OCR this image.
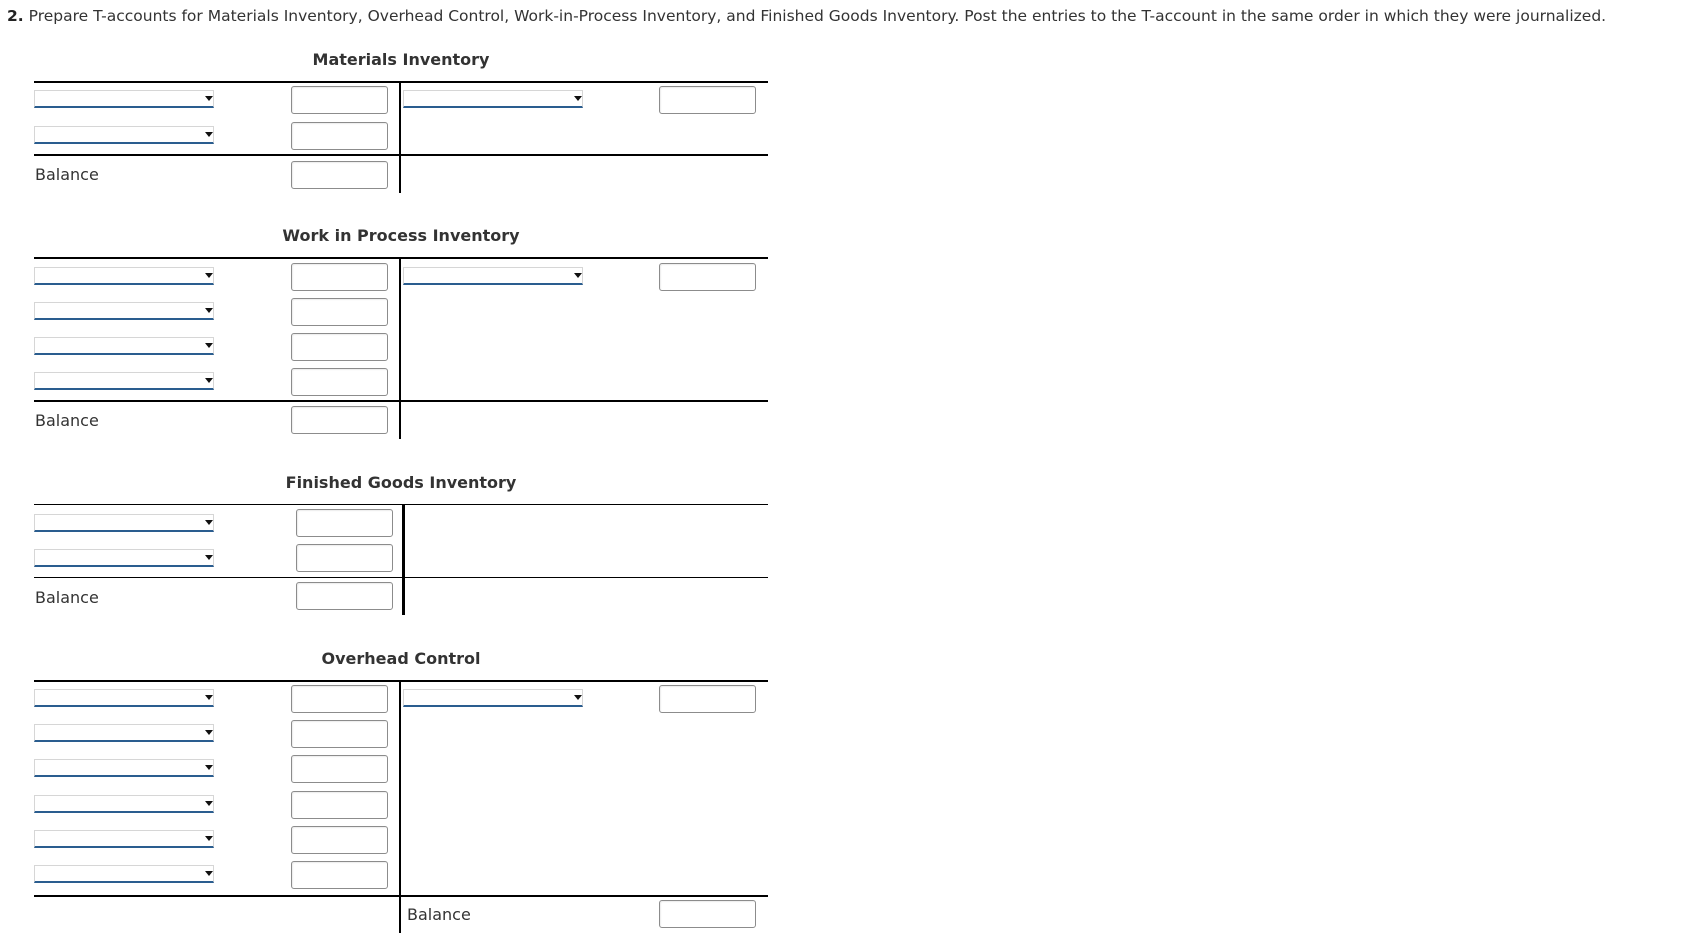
2. Prepare T-accounts for Materials Inventory, Overhead Control, Work-in-Process Inventory, and Finished Goods Inventory. Post the entries to the T-account in the same order in which they were journalized.
Materials Inventory
Balance
Work in Process Inventory
Balance
Finished Goods Inventory
Balance
Overhead Control
Balance
